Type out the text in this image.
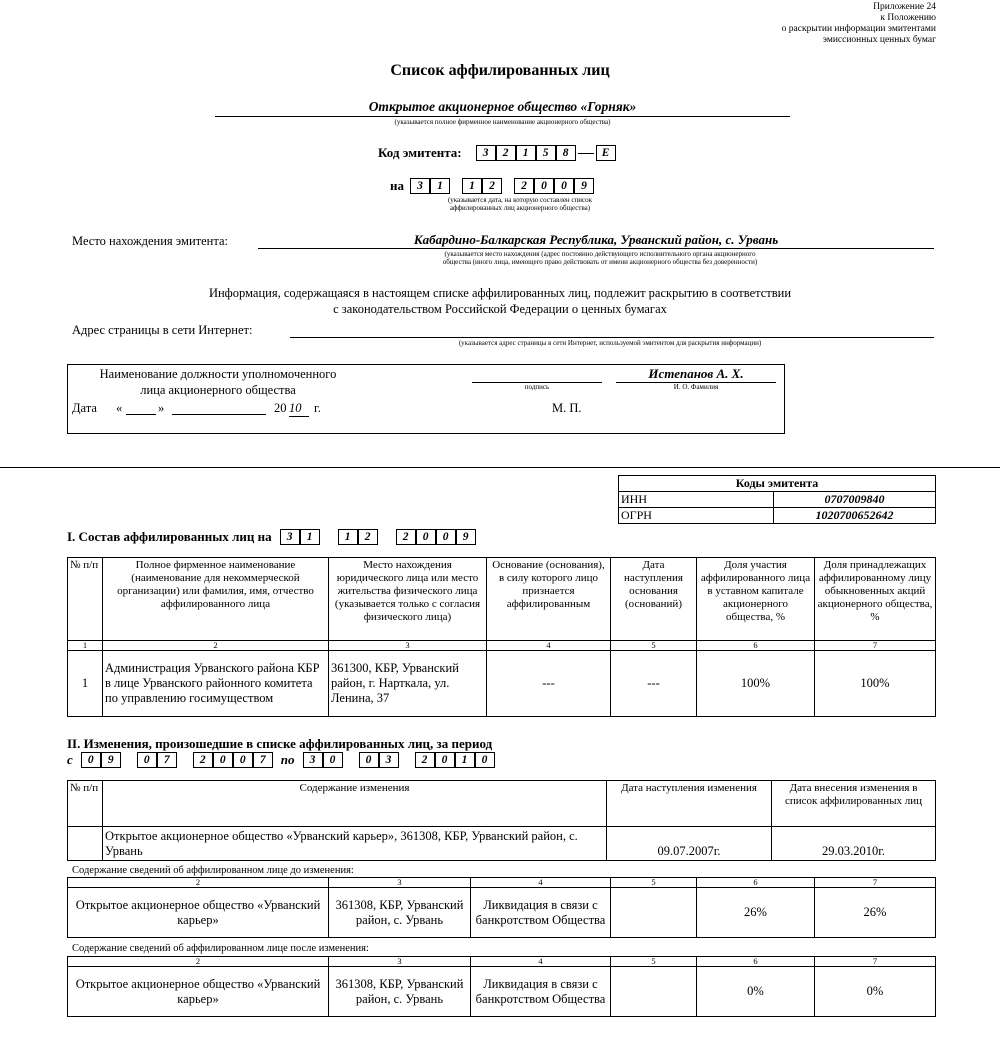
Приложение 24
к Положению
о раскрытии информации эмитентами
эмиссионных ценных бумаг
Список аффилированных лиц
Открытое акционерное общество «Горняк»
(указывается полное фирменное наименование акционерного общества)
Код эмитента:	3	2	1	5	8	E
на	3	1	1	2	2	0	0	9
(указывается дата, на которую составлен список
аффилированных лиц акционерного общества)
Место нахождения эмитента:	Кабардино-Балкарская Республика, Урванский район, с. Урвань
(указывается место нахождения (адрес постоянно действующего исполнительного органа акционерного
общества (иного лица, имеющего право действовать от имени акционерного общества без доверенности)
Информация, содержащаяся в настоящем списке аффилированных лиц, подлежит раскрытию в соответствии
с законодательством Российской Федерации о ценных бумагах
Адрес страницы в сети Интернет:
(указывается адрес страницы в сети Интернет, используемой эмитентом для раскрытия информации)
Наименование должности уполномоченного
лица акционерного общества	подпись
Истепанов А. Х.
И. О. Фамилия
Дата «	»	20 10	г.	М. П.
Коды эмитента	
ИНН	0707009840
ОГРН	1020700652642
I. Состав аффилированных лиц на	3	1	1	2	2	0	0	9
№ п/п	Полное фирменное наименование (наименование для некоммерческой организации) или фамилия, имя, отчество аффилированного лица	Место нахождения юридического лица или место жительства физического лица (указывается только с согласия физического лица)	Основание (основания), в силу которого лицо признается аффилированным	Дата наступления основания (оснований)	Доля участия аффилированного лица в уставном капитале акционерного общества, %	Доля принадлежащих аффилированному лицу обыкновенных акций акционерного общества, %
1	2	3	4	5	6	7
1	Администрация Урванского района КБР в лице Урванского районного комитета по управлению госимуществом	361300, КБР, Урванский район, г. Нарткала, ул. Ленина, 37	---	---	100%	100%
II. Изменения, произошедшие в списке аффилированных лиц, за период
с	0	9	0	7	2	0	0	7	по	3	0	0	3	2	0	1	0
№ п/п	Содержание изменения	Дата наступления изменения	Дата внесения изменения в список аффилированных лиц
	Открытое акционерное общество «Урванский карьер», 361308, КБР, Урванский район, с. Урвань	09.07.2007г.	29.03.2010г.
Содержание сведений об аффилированном лице до изменения:
2	3	4	5	6	7
Открытое акционерное общество «Урванский карьер»	361308, КБР, Урванский район, с. Урвань	Ликвидация в связи с банкротством Общества		26%	26%
Содержание сведений об аффилированном лице после изменения:
2	3	4	5	6	7
Открытое акционерное общество «Урванский карьер»	361308, КБР, Урванский район, с. Урвань	Ликвидация в связи с банкротством Общества		0%	0%
